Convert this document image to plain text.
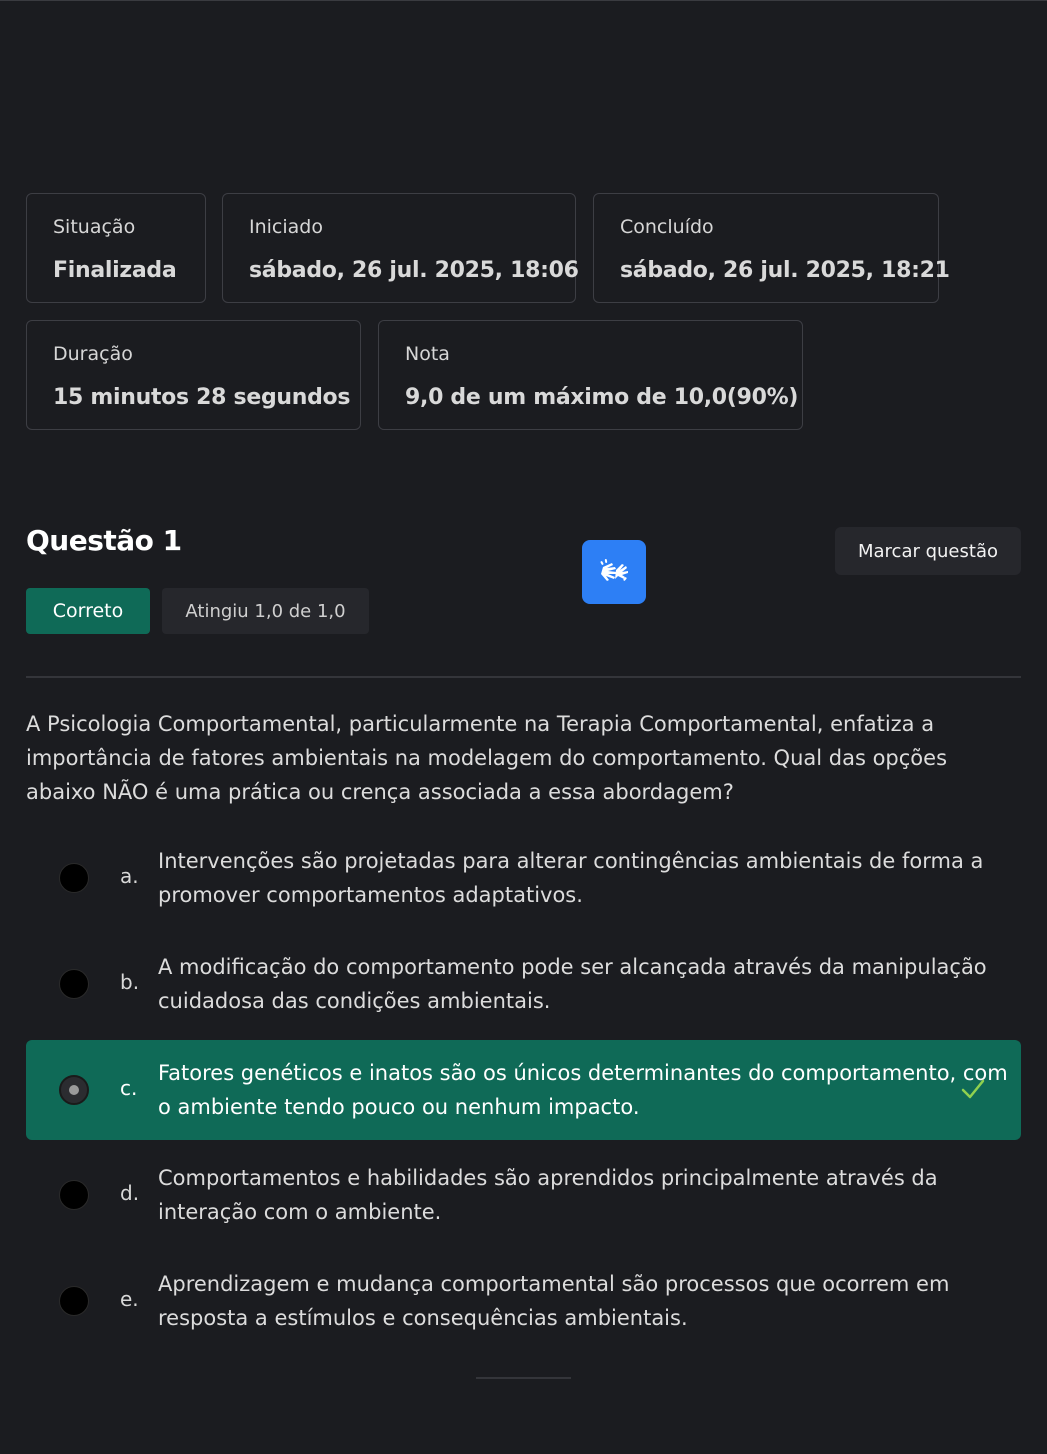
Situação
Finalizada
Iniciado
sábado, 26 jul. 2025, 18:06
Concluído
sábado, 26 jul. 2025, 18:21
Duração
15 minutos 28 segundos
Nota
9,0 de um máximo de 10,0(90%)
Questão 1
Correto	Atingiu 1,0 de 1,0
Marcar questão
A Psicologia Comportamental, particularmente na Terapia Comportamental, enfatiza a importância de fatores ambientais na modelagem do comportamento. Qual das opções abaixo NÃO é uma prática ou crença associada a essa abordagem?
a.
Intervenções são projetadas para alterar contingências ambientais de forma a promover comportamentos adaptativos.
b.
A modificação do comportamento pode ser alcançada através da manipulação cuidadosa das condições ambientais.
c.
Fatores genéticos e inatos são os únicos determinantes do comportamento, com o ambiente tendo pouco ou nenhum impacto.
d.
Comportamentos e habilidades são aprendidos principalmente através da interação com o ambiente.
e.
Aprendizagem e mudança comportamental são processos que ocorrem em resposta a estímulos e consequências ambientais.
